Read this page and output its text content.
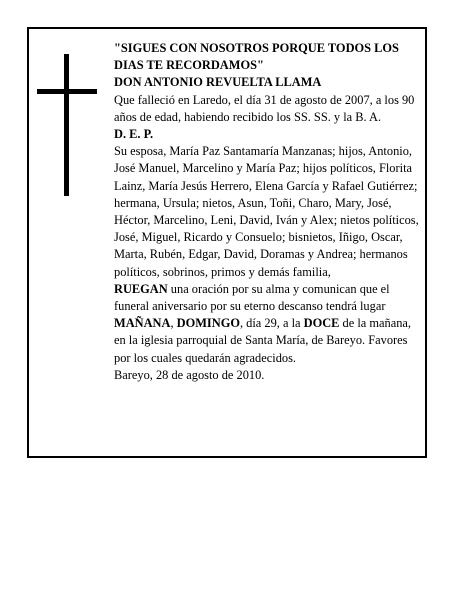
"SIGUES CON NOSOTROS PORQUE TODOS LOS DIAS TE RECORDAMOS"

DON ANTONIO REVUELTA LLAMA

Que falleció en Laredo, el día 31 de agosto de 2007, a los 90 años de edad, habiendo recibido los SS. SS. y la B. A.

D. E. P.

Su esposa, María Paz Santamaría Manzanas; hijos, Antonio, José Manuel, Marcelino y María Paz; hijos políticos, Florita Lainz, María Jesús Herrero, Elena García y Rafael Gutiérrez; hermana, Ursula; nietos, Asun, Toñi, Charo, Mary, José, Héctor, Marcelino, Leni, David, Iván y Alex; nietos políticos, José, Miguel, Ricardo y Consuelo; bisnietos, Iñigo, Oscar, Marta, Rubén, Edgar, David, Doramas y Andrea; hermanos políticos, sobrinos, primos y demás familia,

RUEGAN una oración por su alma y comunican que el funeral aniversario por su eterno descanso tendrá lugar MAÑANA, DOMINGO, día 29, a la DOCE de la mañana, en la iglesia parroquial de Santa María, de Bareyo. Favores por los cuales quedarán agradecidos.

Bareyo, 28 de agosto de 2010.
